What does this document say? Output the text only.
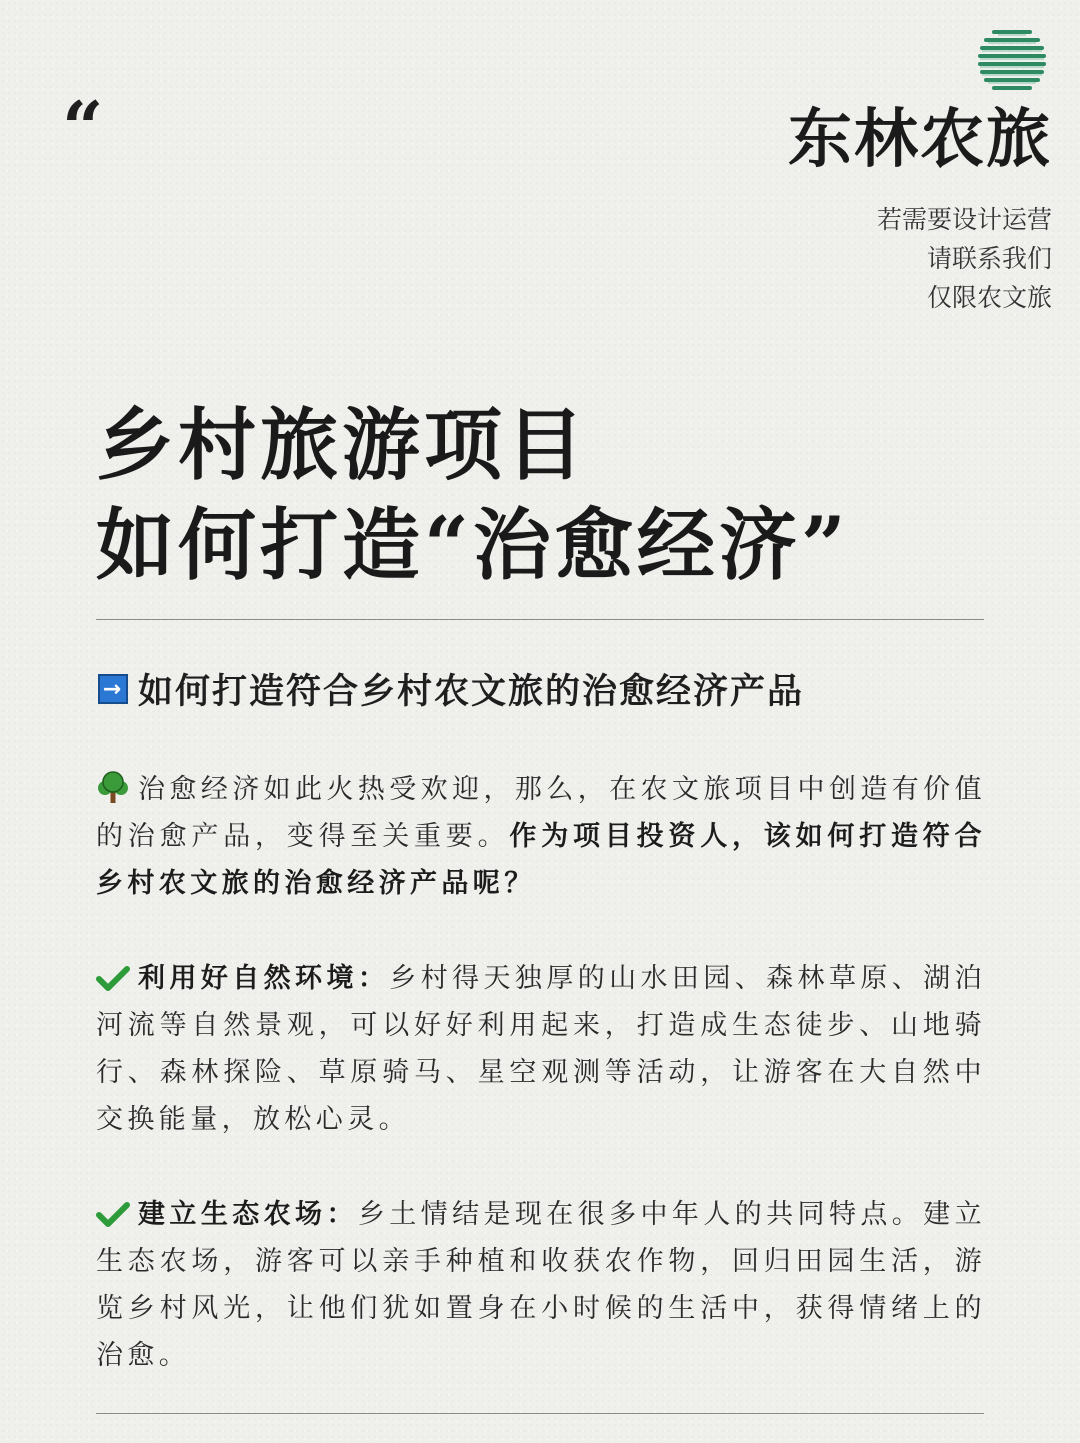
“	东林农旅
若需要设计运营
请联系我们
仅限农文旅
乡村旅游项目
如何打造“治愈经济”
→ 如何打造符合乡村农文旅的治愈经济产品
治愈经济如此火热受欢迎，那么，在农文旅项目中创造有价值的治愈产品，变得至关重要。作为项目投资人，该如何打造符合乡村农文旅的治愈经济产品呢？
利用好自然环境：乡村得天独厚的山水田园、森林草原、湖泊河流等自然景观，可以好好利用起来，打造成生态徒步、山地骑行、森林探险、草原骑马、星空观测等活动，让游客在大自然中交换能量，放松心灵。
建立生态农场：乡土情结是现在很多中年人的共同特点。建立生态农场，游客可以亲手种植和收获农作物，回归田园生活，游览乡村风光，让他们犹如置身在小时候的生活中，获得情绪上的治愈。
